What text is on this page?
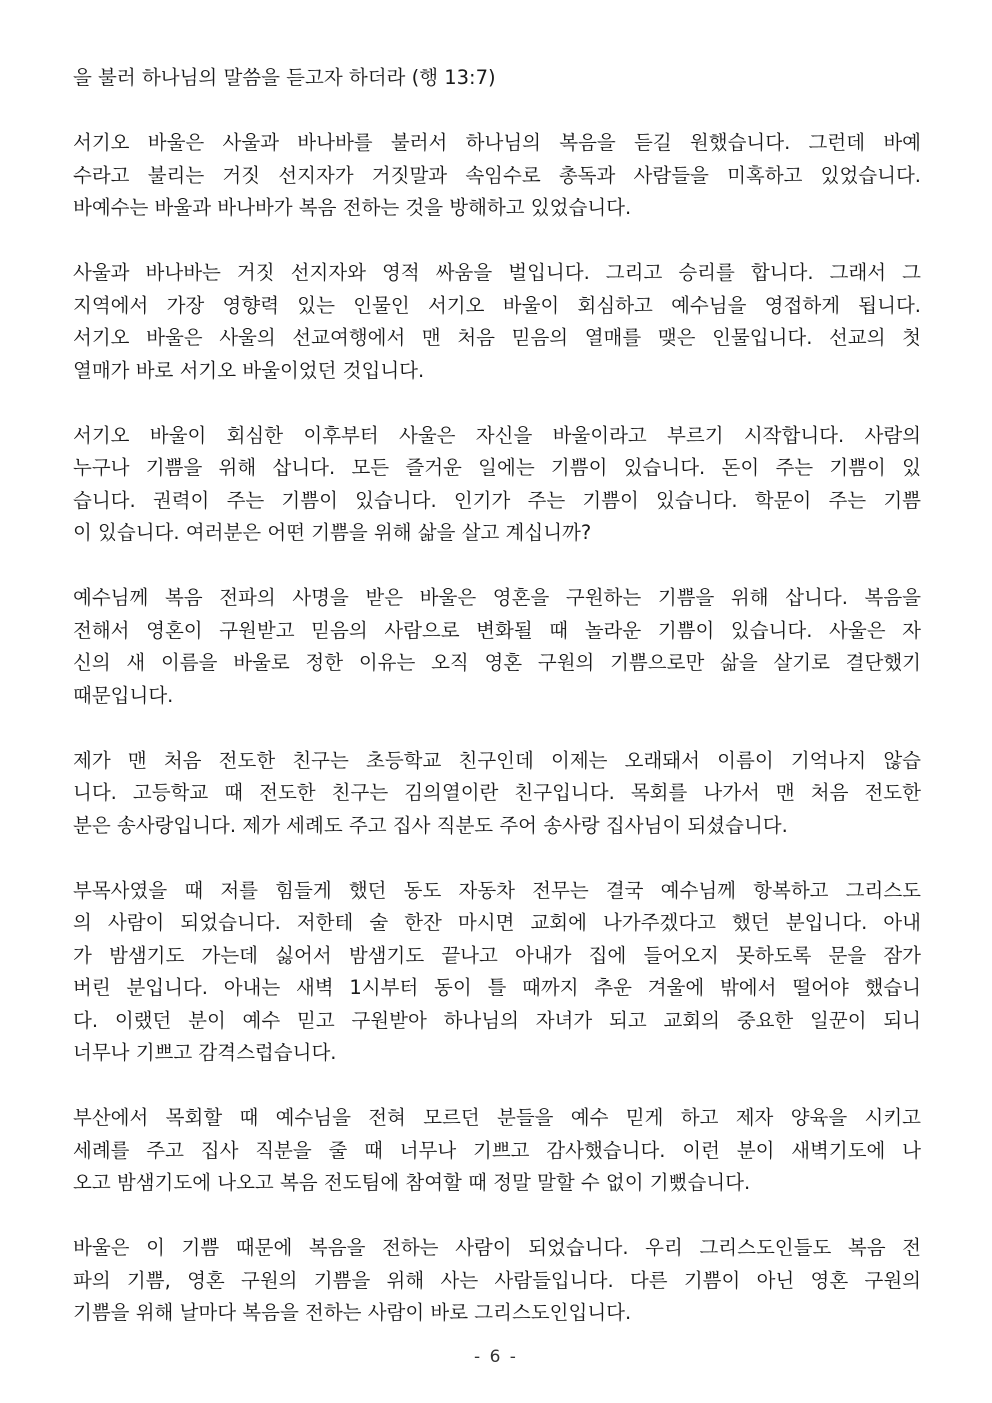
을 불러 하나님의 말씀을 듣고자 하더라 (행 13:7)
서기오 바울은 사울과 바나바를 불러서 하나님의 복음을 듣길 원했습니다. 그런데 바예
수라고 불리는 거짓 선지자가 거짓말과 속임수로 총독과 사람들을 미혹하고 있었습니다.
바예수는 바울과 바나바가 복음 전하는 것을 방해하고 있었습니다.
사울과 바나바는 거짓 선지자와 영적 싸움을 벌입니다. 그리고 승리를 합니다. 그래서 그
지역에서 가장 영향력 있는 인물인 서기오 바울이 회심하고 예수님을 영접하게 됩니다.
서기오 바울은 사울의 선교여행에서 맨 처음 믿음의 열매를 맺은 인물입니다. 선교의 첫
열매가 바로 서기오 바울이었던 것입니다.
서기오 바울이 회심한 이후부터 사울은 자신을 바울이라고 부르기 시작합니다. 사람의
누구나 기쁨을 위해 삽니다. 모든 즐거운 일에는 기쁨이 있습니다. 돈이 주는 기쁨이 있
습니다. 권력이 주는 기쁨이 있습니다. 인기가 주는 기쁨이 있습니다. 학문이 주는 기쁨
이 있습니다. 여러분은 어떤 기쁨을 위해 삶을 살고 계십니까?
예수님께 복음 전파의 사명을 받은 바울은 영혼을 구원하는 기쁨을 위해 삽니다. 복음을
전해서 영혼이 구원받고 믿음의 사람으로 변화될 때 놀라운 기쁨이 있습니다. 사울은 자
신의 새 이름을 바울로 정한 이유는 오직 영혼 구원의 기쁨으로만 삶을 살기로 결단했기
때문입니다.
제가 맨 처음 전도한 친구는 초등학교 친구인데 이제는 오래돼서 이름이 기억나지 않습
니다. 고등학교 때 전도한 친구는 김의열이란 친구입니다. 목회를 나가서 맨 처음 전도한
분은 송사랑입니다. 제가 세례도 주고 집사 직분도 주어 송사랑 집사님이 되셨습니다.
부목사였을 때 저를 힘들게 했던 동도 자동차 전무는 결국 예수님께 항복하고 그리스도
의 사람이 되었습니다. 저한테 술 한잔 마시면 교회에 나가주겠다고 했던 분입니다. 아내
가 밤샘기도 가는데 싫어서 밤샘기도 끝나고 아내가 집에 들어오지 못하도록 문을 잠가
버린 분입니다. 아내는 새벽 1시부터 동이 틀 때까지 추운 겨울에 밖에서 떨어야 했습니
다. 이랬던 분이 예수 믿고 구원받아 하나님의 자녀가 되고 교회의 중요한 일꾼이 되니
너무나 기쁘고 감격스럽습니다.
부산에서 목회할 때 예수님을 전혀 모르던 분들을 예수 믿게 하고 제자 양육을 시키고
세례를 주고 집사 직분을 줄 때 너무나 기쁘고 감사했습니다. 이런 분이 새벽기도에 나
오고 밤샘기도에 나오고 복음 전도팀에 참여할 때 정말 말할 수 없이 기뻤습니다.
바울은 이 기쁨 때문에 복음을 전하는 사람이 되었습니다. 우리 그리스도인들도 복음 전
파의 기쁨, 영혼 구원의 기쁨을 위해 사는 사람들입니다. 다른 기쁨이 아닌 영혼 구원의
기쁨을 위해 날마다 복음을 전하는 사람이 바로 그리스도인입니다.
- 6 -
